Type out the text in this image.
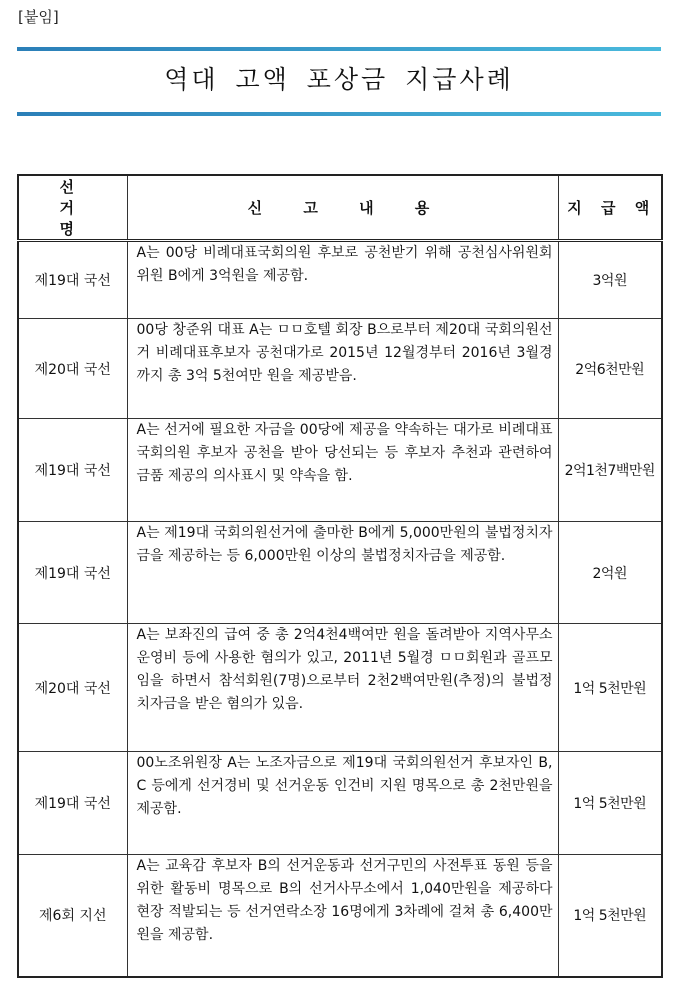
[붙임]
역대 고액 포상금 지급사례
선 거 명	신 고 내 용	지 급 액
제19대 국선	A는 00당 비례대표국회의원 후보로 공천받기 위해 공천심사위원회 위원 B에게 3억원을 제공함.	3억원
제20대 국선	00당 창준위 대표 A는 ㅁㅁ호텔 회장 B으로부터 제20대 국회의원선거 비례대표후보자 공천대가로 2015년 12월경부터 2016년 3월경까지 총 3억 5천여만 원을 제공받음.	2억6천만원
제19대 국선	A는 선거에 필요한 자금을 00당에 제공을 약속하는 대가로 비례대표국회의원 후보자 공천을 받아 당선되는 등 후보자 추천과 관련하여 금품 제공의 의사표시 및 약속을 함.	2억1천7백만원
제19대 국선	A는 제19대 국회의원선거에 출마한 B에게 5,000만원의 불법정치자금을 제공하는 등 6,000만원 이상의 불법정치자금을 제공함.	2억원
제20대 국선	A는 보좌진의 급여 중 총 2억4천4백여만 원을 돌려받아 지역사무소 운영비 등에 사용한 혐의가 있고, 2011년 5월경 ㅁㅁ회원과 골프모임을 하면서 참석회원(7명)으로부터 2천2백여만원(추정)의 불법정치자금을 받은 혐의가 있음.	1억 5천만원
제19대 국선	00노조위원장 A는 노조자금으로 제19대 국회의원선거 후보자인 B, C 등에게 선거경비 및 선거운동 인건비 지원 명목으로 총 2천만원을 제공함.	1억 5천만원
제6회 지선	A는 교육감 후보자 B의 선거운동과 선거구민의 사전투표 동원 등을 위한 활동비 명목으로 B의 선거사무소에서 1,040만원을 제공하다 현장 적발되는 등 선거연락소장 16명에게 3차례에 걸쳐 총 6,400만원을 제공함.	1억 5천만원
